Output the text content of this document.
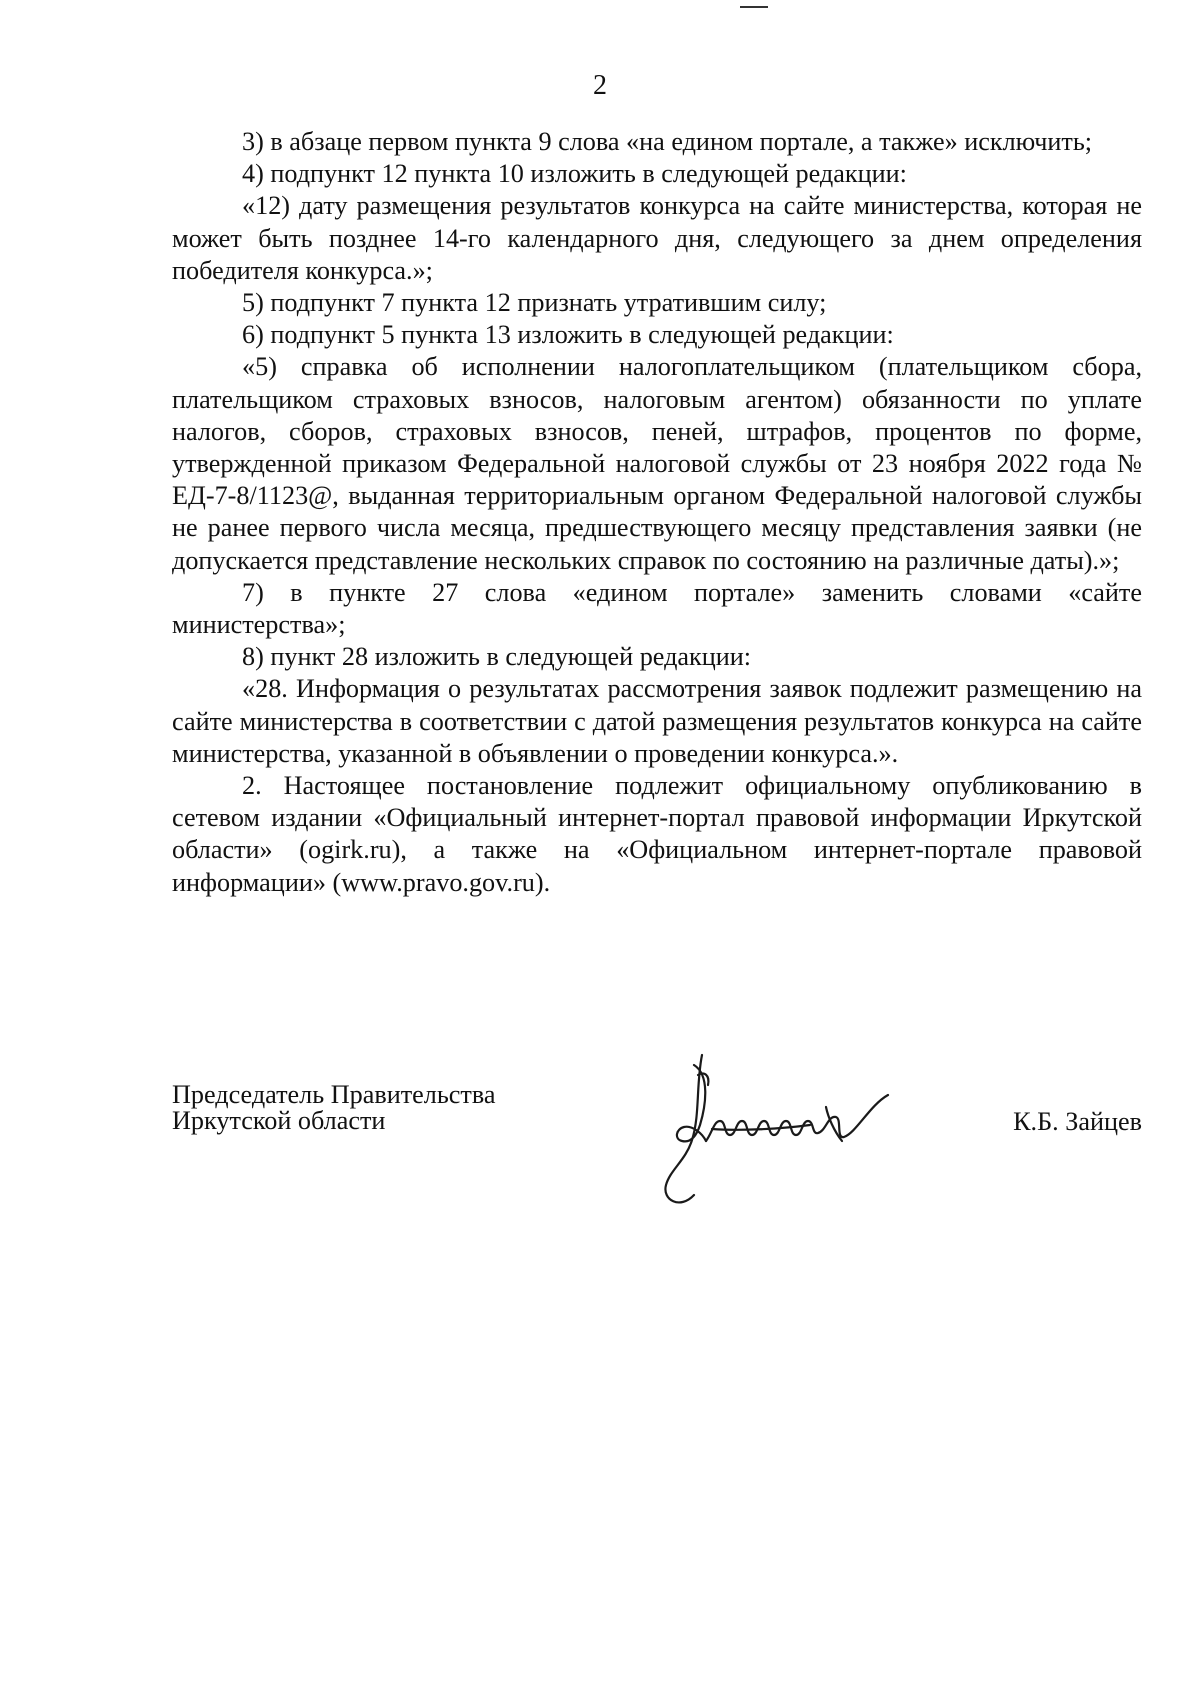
2

3) в абзаце первом пункта 9 слова «на едином портале, а также» исключить;

4) подпункт 12 пункта 10 изложить в следующей редакции:

«12) дату размещения результатов конкурса на сайте министерства, которая не может быть позднее 14-го календарного дня, следующего за днем определения победителя конкурса.»;

5) подпункт 7 пункта 12 признать утратившим силу;

6) подпункт 5 пункта 13 изложить в следующей редакции:

«5) справка об исполнении налогоплательщиком (плательщиком сбора, плательщиком страховых взносов, налоговым агентом) обязанности по уплате налогов, сборов, страховых взносов, пеней, штрафов, процентов по форме, утвержденной приказом Федеральной налоговой службы от 23 ноября 2022 года № ЕД-7-8/1123@, выданная территориальным органом Федеральной налоговой службы не ранее первого числа месяца, предшествующего месяцу представления заявки (не допускается представление нескольких справок по состоянию на различные даты).»;

7) в пункте 27 слова «едином портале» заменить словами «сайте министерства»;

8) пункт 28 изложить в следующей редакции:

«28. Информация о результатах рассмотрения заявок подлежит размещению на сайте министерства в соответствии с датой размещения результатов конкурса на сайте министерства, указанной в объявлении о проведении конкурса.».

2. Настоящее постановление подлежит официальному опубликованию в сетевом издании «Официальный интернет-портал правовой информации Иркутской области» (ogirk.ru), а также на «Официальном интернет-портале правовой информации» (www.pravo.gov.ru).

Председатель Правительства
Иркутской области	К.Б. Зайцев
